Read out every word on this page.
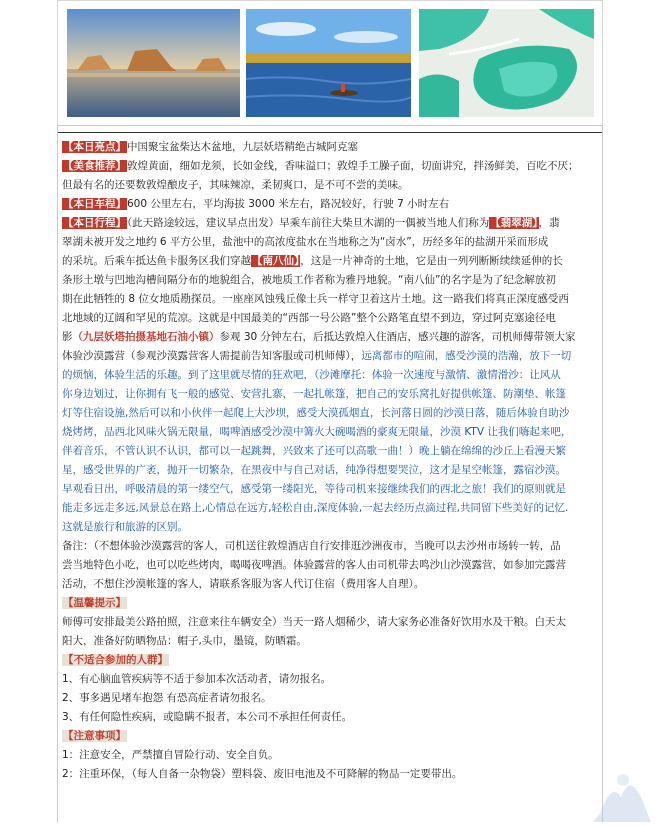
【本日亮点】中国聚宝盆柴达木盆地，九层妖塔精绝古城阿克塞

【美食推荐】敦煌黄面，细如龙须，长如金线，香味溢口；敦煌手工臊子面，切面讲究，拌汤鲜美，百吃不厌；

但最有名的还要数敦煌酿皮子，其味辣凉，柔韧爽口，是不可不尝的美味。

【本日车程】600 公里左右，平均海拔 3000 米左右，路况较好，行驶 7 小时左右

【本日行程】（此天路途较远，建议早点出发）早乘车前往大柴旦木湖的一偶被当地人们称为【翡翠湖】，翡

翠湖未被开发之地约 6 平方公里，盐池中的高浓度盐水在当地称之为“卤水”，历经多年的盐湖开采而形成

的采坑。后乘车抵达鱼卡服务区我们穿越【南八仙】，这是一片神奇的土地，它是由一列列断断续续延伸的长

条形土墩与凹地沟槽间隔分布的地貌组合，被地质工作者称为雅丹地貌。“南八仙”的名字是为了纪念解放初

期在此牺牲的 8 位女地质勘探员。一座座风蚀残丘像士兵一样守卫着这片土地。这一路我们将真正深度感受西

北地域的辽阔和罕见的荒凉。这就是中国最美的“西部一号公路”整个公路笔直望不到边，穿过阿克塞途径电

影（九层妖塔拍摄基地石油小镇）参观 30 分钟左右，后抵达敦煌入住酒店，感兴趣的游客，司机师傅带领大家

体验沙漠露营（参观沙漠露营客人需提前告知客服或司机师傅），远离都市的喧闹，感受沙漠的浩瀚，放下一切

的烦恼，体验生活的乐趣。到了这里就尽情的狂欢吧，（沙滩摩托：体验一次速度与激情、激情滑沙：让风从

你身边划过，让你拥有飞一般的感觉、安营扎寨，一起扎帐篷，把自己的安乐窝扎好提供帐篷、防潮垫、帐篷

灯等住宿设施,然后可以和小伙伴一起爬上大沙坝，感受大漠孤烟直，长河落日圆的沙漠日落，随后体验自助沙

烧烤烤，品西北风味火锅无限量，喝啤酒感受沙漠中篝火大碗喝酒的豪爽无限量，沙漠 KTV 让我们嗨起来吧，

伴着音乐，不管认识不认识，都可以一起跳舞，兴致来了还可以高歌一曲！）晚上躺在绵绵的沙丘上看漫天繁

星，感受世界的广袤，抛开一切繁杂，在黑夜中与自己对话，纯净得想要哭泣，这才是星空帐篷，露宿沙漠。

早观看日出，呼吸清晨的第一缕空气，感受第一缕阳光，等待司机来接继续我们的西北之旅！我们的原则就是

能走多远走多远,风景总在路上,心情总在远方,轻松自由,深度体验,一起去经历点滴过程,共同留下些美好的记忆.

这就是旅行和旅游的区别。

备注：（不想体验沙漠露营的客人，司机送往敦煌酒店自行安排逛沙洲夜市，当晚可以去沙州市场转一转，品

尝当地特色小吃，也可以吃些烤肉，喝喝夜啤酒。体验露营的客人由司机带去鸣沙山沙漠露营，如参加完露营

活动，不想住沙漠帐篷的客人，请联系客服为客人代订住宿（费用客人自理）。

【温馨提示】

师傅可安排最美公路拍照，注意来往车辆安全）当天一路人烟稀少，请大家务必准备好饮用水及干粮。白天太

阳大，准备好防晒物品：帽子,头巾，墨镜，防晒霜。

【不适合参加的人群】

1、有心脑血管疾病等不适于参加本次活动者，请勿报名。

2、事多遇见堵车抱怨 有恐高症者请勿报名。

3、有任何隐性疾病，或隐瞒不报者，本公司不承担任何责任。

【注意事项】

1：注意安全，严禁擅自冒险行动、安全自负。

2：注重环保，（每人自备一杂物袋）塑料袋、废旧电池及不可降解的物品一定要带出。
